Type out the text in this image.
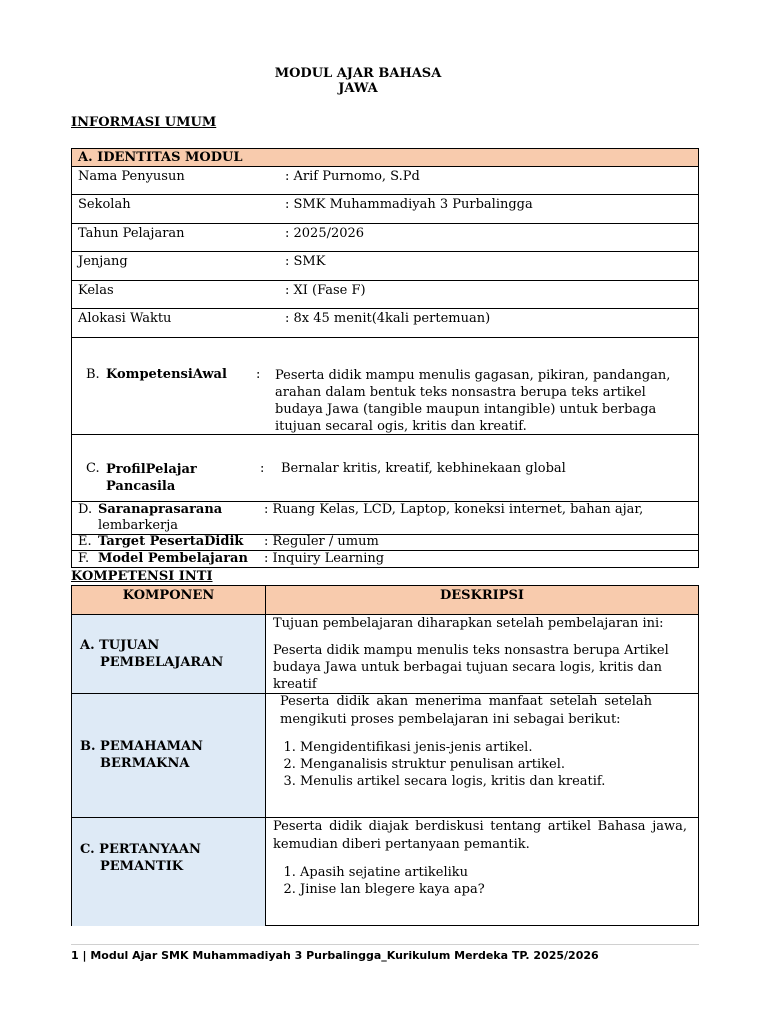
MODUL AJAR BAHASA
JAWA
INFORMASI UMUM
A. IDENTITAS MODUL
Nama Penyusun	: Arif Purnomo, S.Pd
Sekolah	: SMK Muhammadiyah 3 Purbalingga
Tahun Pelajaran	: 2025/2026
Jenjang	: SMK
Kelas	: XI (Fase F)
Alokasi Waktu	: 8x 45 menit(4kali pertemuan)
B. KompetensiAwal : Peserta didik mampu menulis gagasan, pikiran, pandangan, arahan dalam bentuk teks nonsastra berupa teks artikel budaya Jawa (tangible maupun intangible) untuk berbaga itujuan secaral ogis, kritis dan kreatif.
C. ProfilPelajar
Pancasila
: Bernalar kritis, kreatif, kebhinekaan global
D. Saranaprasarana	: Ruang Kelas, LCD, Laptop, koneksi internet, bahan ajar,
lembarkerja
E. Target PesertaDidik : Reguler / umum
F. Model Pembelajaran : Inquiry Learning
KOMPETENSI INTI
KOMPONEN	DESKRIPSI
A. TUJUAN
PEMBELAJARAN
Tujuan pembelajaran diharapkan setelah pembelajaran ini:
Peserta didik mampu menulis teks nonsastra berupa Artikel budaya Jawa untuk berbagai tujuan secara logis, kritis dan kreatif
B. PEMAHAMAN
BERMAKNA
Peserta didik akan menerima manfaat setelah setelah mengikuti proses pembelajaran ini sebagai berikut:
1. Mengidentifikasi jenis-jenis artikel.
2. Menganalisis struktur penulisan artikel.
3. Menulis artikel secara logis, kritis dan kreatif.
C. PERTANYAAN
PEMANTIK
Peserta didik diajak berdiskusi tentang artikel Bahasa jawa, kemudian diberi pertanyaan pemantik.
1. Apasih sejatine artikeliku
2. Jinise lan blegere kaya apa?
1 | Modul Ajar SMK Muhammadiyah 3 Purbalingga_Kurikulum Merdeka TP. 2025/2026
